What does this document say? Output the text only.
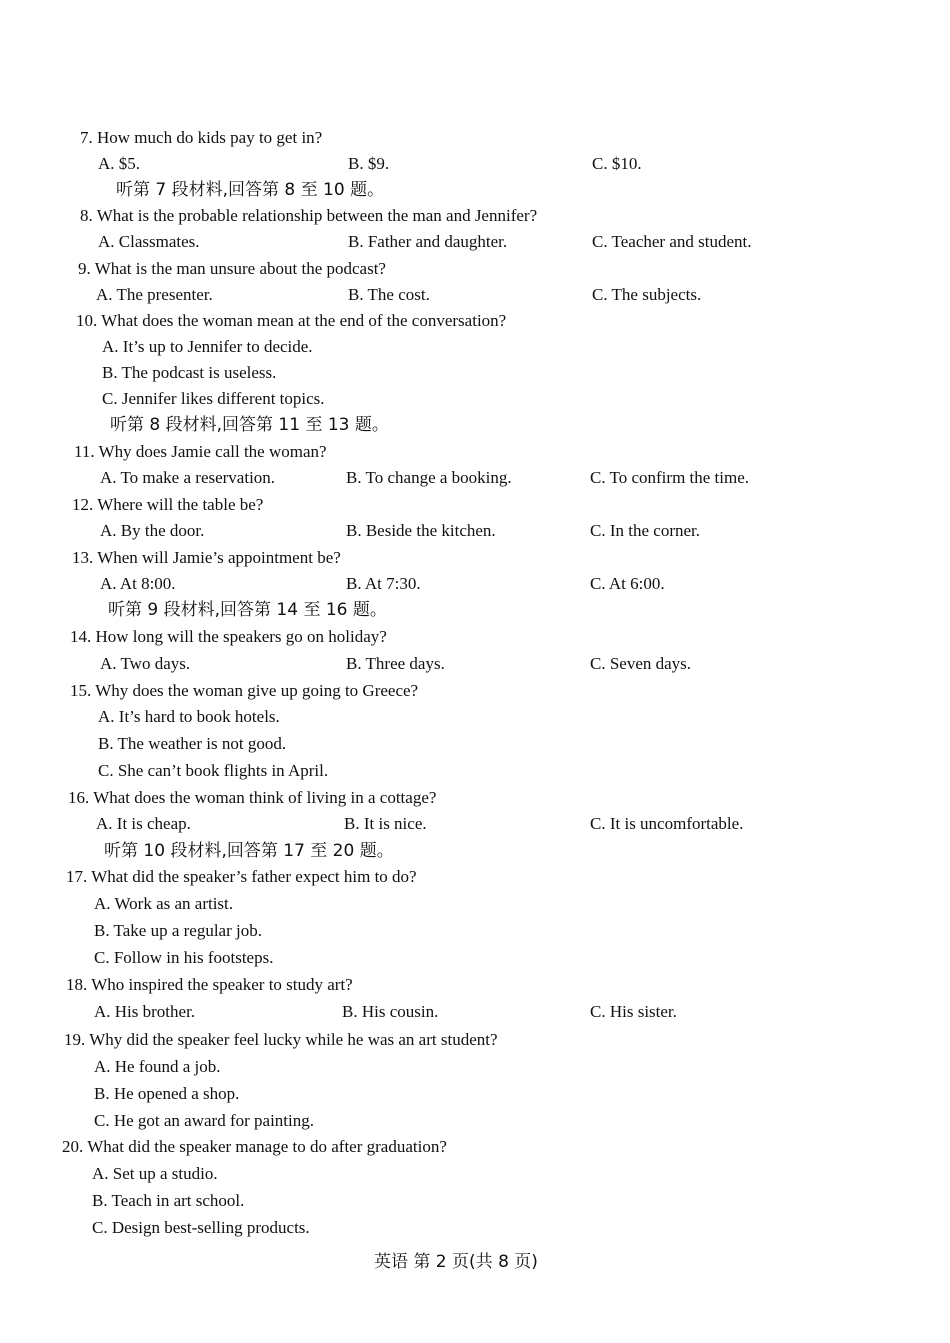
7. How much do kids pay to get in?
A. $5.	B. $9.	C. $10.
听第 7 段材料,回答第 8 至 10 题。
8. What is the probable relationship between the man and Jennifer?
A. Classmates.	B. Father and daughter.	C. Teacher and student.
9. What is the man unsure about the podcast?
A. The presenter.	B. The cost.	C. The subjects.
10. What does the woman mean at the end of the conversation?
A. It’s up to Jennifer to decide.
B. The podcast is useless.
C. Jennifer likes different topics.
听第 8 段材料,回答第 11 至 13 题。
11. Why does Jamie call the woman?
A. To make a reservation.	B. To change a booking.	C. To confirm the time.
12. Where will the table be?
A. By the door.	B. Beside the kitchen.	C. In the corner.
13. When will Jamie’s appointment be?
A. At 8:00.	B. At 7:30.	C. At 6:00.
听第 9 段材料,回答第 14 至 16 题。
14. How long will the speakers go on holiday?
A. Two days.	B. Three days.	C. Seven days.
15. Why does the woman give up going to Greece?
A. It’s hard to book hotels.
B. The weather is not good.
C. She can’t book flights in April.
16. What does the woman think of living in a cottage?
A. It is cheap.	B. It is nice.	C. It is uncomfortable.
听第 10 段材料,回答第 17 至 20 题。
17. What did the speaker’s father expect him to do?
A. Work as an artist.
B. Take up a regular job.
C. Follow in his footsteps.
18. Who inspired the speaker to study art?
A. His brother.	B. His cousin.	C. His sister.
19. Why did the speaker feel lucky while he was an art student?
A. He found a job.
B. He opened a shop.
C. He got an award for painting.
20. What did the speaker manage to do after graduation?
A. Set up a studio.
B. Teach in art school.
C. Design best-selling products.
英语 第 2 页(共 8 页)
